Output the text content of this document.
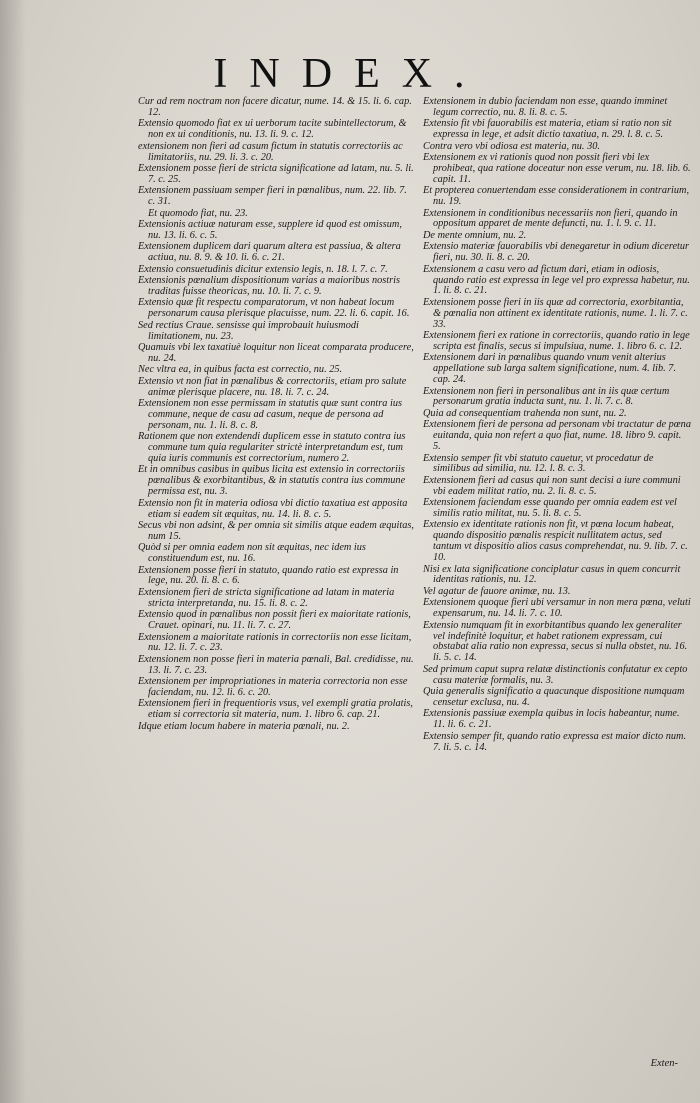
INDEX.
Cur ad rem noctram non facere dicatur, nume. 14. & 15. li. 6. cap. 12.
Extensio quomodo fiat ex ui uerborum tacite subintellectorum, & non ex ui conditionis, nu. 13. li. 9. c. 12.
extensionem non fieri ad casum fictum in statutis correctoriis ac limitatoriis, nu. 29. li. 3. c. 20.
Extensionem posse fieri de stricta significatione ad latam, nu. 5. li. 7. c. 25.
Extensionem passiuam semper fieri in pœnalibus, num. 22. lib. 7. c. 31.
Et quomodo fiat, nu. 23.
Extensionis actiuæ naturam esse, supplere id quod est omissum, nu. 13. li. 6. c. 5.
Extensionem duplicem dari quarum altera est passiua, & altera actiua, nu. 8. 9. & 10. li. 6. c. 21.
Extensio consuetudinis dicitur extensio legis, n. 18. l. 7. c. 7.
Extensionis pœnalium dispositionum varias a maioribus nostris traditas fuisse theoricas, nu. 10. li. 7. c. 9.
Extensio quæ fit respectu comparatorum, vt non habeat locum personarum causa plerisque placuisse, num. 22. li. 6. capit. 16.
Sed rectius Craue. sensisse qui improbauit huiusmodi limitationem, nu. 23.
Quamuis vbi lex taxatiuè loquitur non liceat comparata producere, nu. 24.
Nec vltra ea, in quibus facta est correctio, nu. 25.
Extensio vt non fiat in pœnalibus & correctoriis, etiam pro salute animæ plerisque placere, nu. 18. li. 7. c. 24.
Extensionem non esse permissam in statutis quæ sunt contra ius commune, neque de casu ad casum, neque de persona ad personam, nu. 1. li. 8. c. 8.
Rationem que non extendendi duplicem esse in statuto contra ius commune tum quia regulariter strictè interpretandum est, tum quia iuris communis est correctorium, numero 2.
Et in omnibus casibus in quibus licita est extensio in correctoriis pœnalibus & exorbitantibus, & in statutis contra ius commune permissa est, nu. 3.
Extensio non fit in materia odiosa vbi dictio taxatiua est apposita etiam si eadem sit æquitas, nu. 14. li. 8. c. 5.
Secus vbi non adsint, & per omnia sit similis atque eadem æquitas, num 15.
Quòd si per omnia eadem non sit æquitas, nec idem ius constituendum est, nu. 16.
Extensionem posse fieri in statuto, quando ratio est expressa in lege, nu. 20. li. 8. c. 6.
Extensionem fieri de stricta significatione ad latam in materia stricta interpretanda, nu. 15. li. 8. c. 2.
Extensio quod in pœnalibus non possit fieri ex maioritate rationis, Crauet. opinari, nu. 11. li. 7. c. 27.
Extensionem a maioritate rationis in correctoriis non esse licitam, nu. 12. li. 7. c. 23.
Extensionem non posse fieri in materia pœnali, Bal. credidisse, nu. 13. li. 7. c. 23.
Extensionem per impropriationes in materia correctoria non esse faciendam, nu. 12. li. 6. c. 20.
Extensionem fieri in frequentioris vsus, vel exempli gratia prolatis, etiam si correctoria sit materia, num. 1. libro 6. cap. 21.
Idque etiam locum habere in materia pœnali, nu. 2.
Extensionem in dubio faciendam non esse, quando imminet legum correctio, nu. 8. li. 8. c. 5.
Extensio fit vbi fauorabilis est materia, etiam si ratio non sit expressa in lege, et adsit dictio taxatiua, n. 29. l. 8. c. 5.
Contra vero vbi odiosa est materia, nu. 30.
Extensionem ex vi rationis quod non possit fieri vbi lex prohibeat, qua ratione doceatur non esse verum, nu. 18. lib. 6. capit. 11.
Et propterea conuertendam esse considerationem in contrarium, nu. 19.
Extensionem in conditionibus necessariis non fieri, quando in oppositum apparet de mente defuncti, nu. 1. l. 9. c. 11.
De mente omnium, nu. 2.
Extensio materiæ fauorabilis vbi denegaretur in odium diceretur fieri, nu. 30. li. 8. c. 20.
Extensionem a casu vero ad fictum dari, etiam in odiosis, quando ratio est expressa in lege vel pro expressa habetur, nu. 1. li. 8. c. 21.
Extensionem posse fieri in iis quæ ad correctoria, exorbitantia, & pœnalia non attinent ex identitate rationis, nume. 1. li. 7. c. 33.
Extensionem fieri ex ratione in correctoriis, quando ratio in lege scripta est finalis, secus si impulsiua, nume. 1. libro 6. c. 12.
Extensionem dari in pœnalibus quando vnum venit alterius appellatione sub larga saltem significatione, num. 4. lib. 7. cap. 24.
Extensionem non fieri in personalibus ant in iis quæ certum personarum gratia inducta sunt, nu. 1. li. 7. c. 8.
Quia ad consequentiam trahenda non sunt, nu. 2.
Extensionem fieri de persona ad personam vbi tractatur de pœna euitanda, quia non refert a quo fiat, nume. 18. libro 9. capit. 5.
Extensio semper fit vbi statuto cauetur, vt procedatur de similibus ad similia, nu. 12. l. 8. c. 3.
Extensionem fieri ad casus qui non sunt decisi a iure communi vbi eadem militat ratio, nu. 2. li. 8. c. 5.
Extensionem faciendam esse quando per omnia eadem est vel similis ratio militat, nu. 5. li. 8. c. 5.
Extensio ex identitate rationis non fit, vt pœna locum habeat, quando dispositio pœnalis respicit nullitatem actus, sed tantum vt dispositio alios casus comprehendat, nu. 9. lib. 7. c. 10.
Nisi ex lata significatione conciplatur casus in quem concurrit identitas rationis, nu. 12.
Vel agatur de fauore animæ, nu. 13.
Extensionem quoque fieri ubi versamur in non mera pœna, veluti expensarum, nu. 14. li. 7. c. 10.
Extensio numquam fit in exorbitantibus quando lex generaliter vel indefinitè loquitur, et habet rationem expressam, cui obstabat alia ratio non expressa, secus si nulla obstet, nu. 16. li. 5. c. 14.
Sed primum caput supra relatæ distinctionis confutatur ex cepto casu materiæ formalis, nu. 3.
Quia generalis significatio a quacunque dispositione numquam censetur exclusa, nu. 4.
Extensionis passiuæ exempla quibus in locis habeantur, nume. 11. li. 6. c. 21.
Extensio semper fit, quando ratio expressa est maior dicto num. 7. li. 5. c. 14.
Exten-
